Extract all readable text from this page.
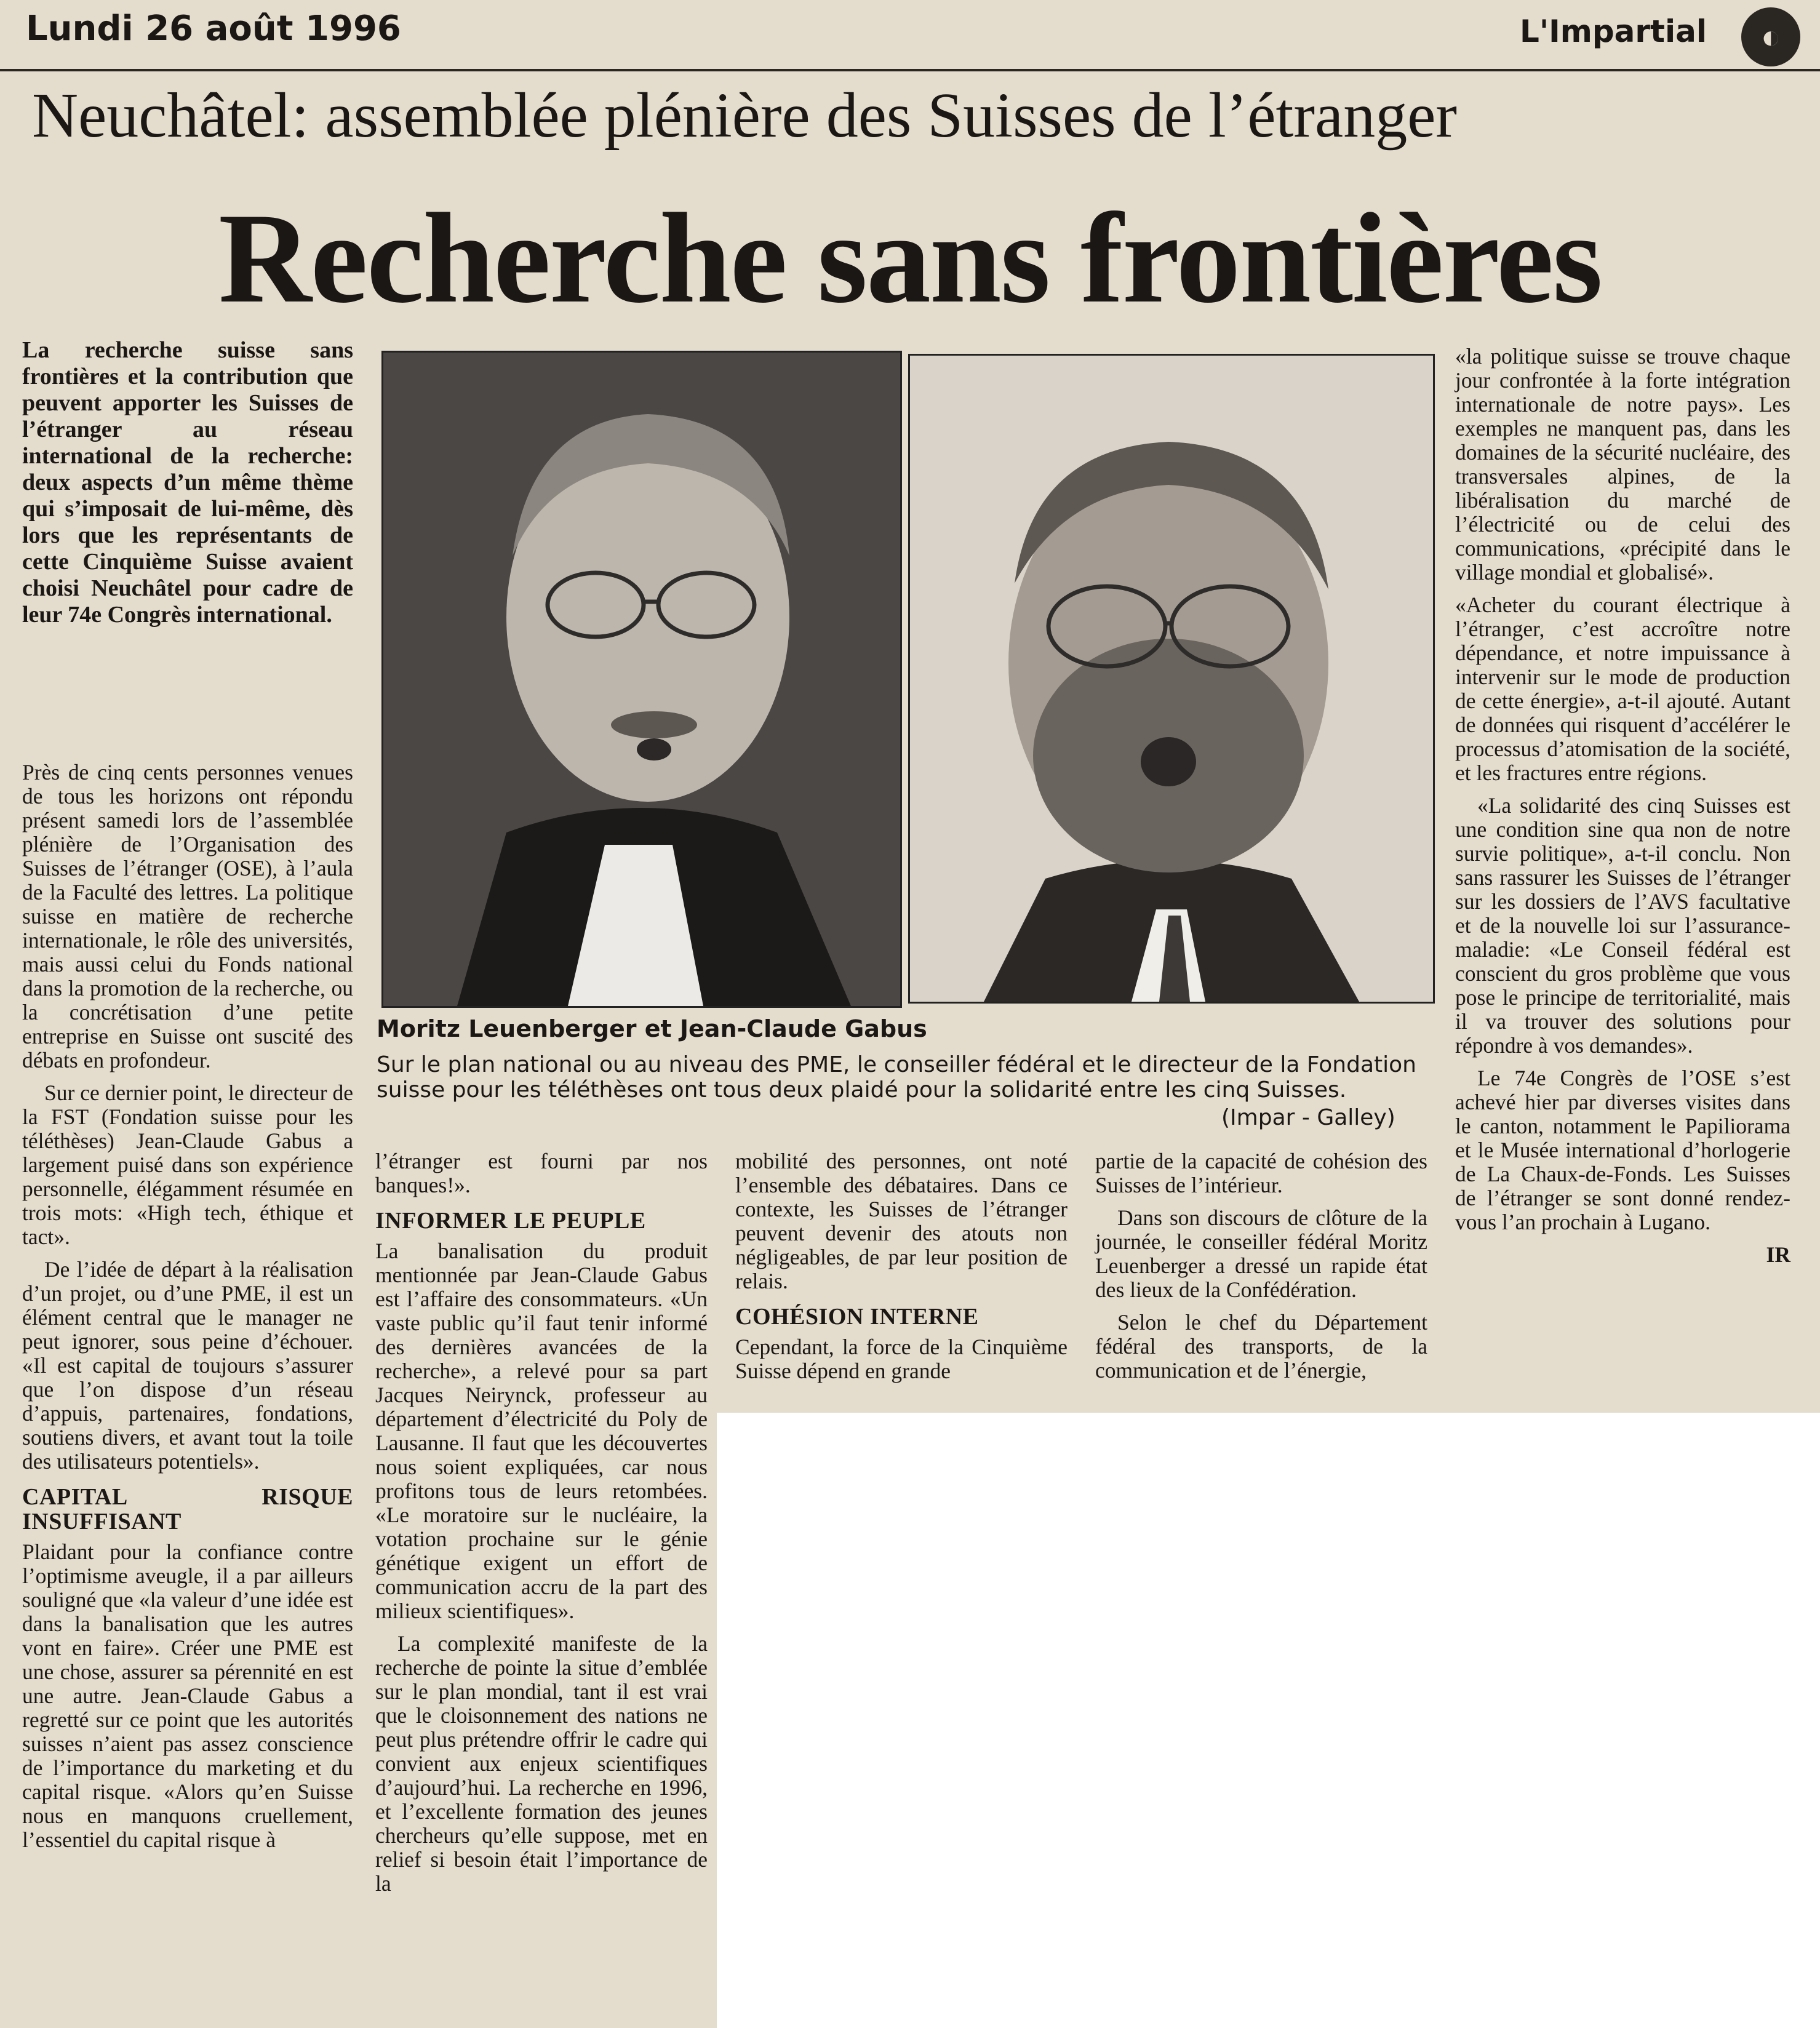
Lundi 26 août 1996	L'Impartial	◐
Neuchâtel: assemblée plénière des Suisses de l’étranger
Recherche sans frontières
La recherche suisse sans frontières et la contribution que peuvent apporter les Suisses de l’étranger au réseau international de la recherche: deux aspects d’un même thème qui s’imposait de lui-même, dès lors que les représentants de cette Cinquième Suisse avaient choisi Neuchâtel pour cadre de leur 74e Congrès international.

Près de cinq cents personnes venues de tous les horizons ont répondu présent samedi lors de l’assemblée plénière de l’Organisation des Suisses de l’étranger (OSE), à l’aula de la Faculté des lettres. La politique suisse en matière de recherche internationale, le rôle des universités, mais aussi celui du Fonds national dans la promotion de la recherche, ou la concrétisation d’une petite entreprise en Suisse ont suscité des débats en profondeur.

Sur ce dernier point, le directeur de la FST (Fondation suisse pour les téléthèses) Jean-Claude Gabus a largement puisé dans son expérience personnelle, élégamment résumée en trois mots: «High tech, éthique et tact».

De l’idée de départ à la réalisation d’un projet, ou d’une PME, il est un élément central que le manager ne peut ignorer, sous peine d’échouer. «Il est capital de toujours s’assurer que l’on dispose d’un réseau d’appuis, partenaires, fondations, soutiens divers, et avant tout la toile des utilisateurs potentiels».

CAPITAL RISQUE INSUFFISANT

Plaidant pour la confiance contre l’optimisme aveugle, il a par ailleurs souligné que «la valeur d’une idée est dans la banalisation que les autres vont en faire». Créer une PME est une chose, assurer sa pérennité en est une autre. Jean-Claude Gabus a regretté sur ce point que les autorités suisses n’aient pas assez conscience de l’importance du marketing et du capital risque. «Alors qu’en Suisse nous en manquons cruellement, l’essentiel du capital risque à

Moritz Leuenberger et Jean-Claude Gabus
Sur le plan national ou au niveau des PME, le conseiller fédéral et le directeur de la Fondation suisse pour les téléthèses ont tous deux plaidé pour la solidarité entre les cinq Suisses.
(Impar - Galley)

l’étranger est fourni par nos banques!».

INFORMER LE PEUPLE

La banalisation du produit mentionnée par Jean-Claude Gabus est l’affaire des consommateurs. «Un vaste public qu’il faut tenir informé des dernières avancées de la recherche», a relevé pour sa part Jacques Neirynck, professeur au département d’électricité du Poly de Lausanne. Il faut que les découvertes nous soient expliquées, car nous profitons tous de leurs retombées. «Le moratoire sur le nucléaire, la votation prochaine sur le génie génétique exigent un effort de communication accru de la part des milieux scientifiques».

La complexité manifeste de la recherche de pointe la situe d’emblée sur le plan mondial, tant il est vrai que le cloisonnement des nations ne peut plus prétendre offrir le cadre qui convient aux enjeux scientifiques d’aujourd’hui. La recherche en 1996, et l’excellente formation des jeunes chercheurs qu’elle suppose, met en relief si besoin était l’importance de la

mobilité des personnes, ont noté l’ensemble des débataires. Dans ce contexte, les Suisses de l’étranger peuvent devenir des atouts non négligeables, de par leur position de relais.

COHÉSION INTERNE

Cependant, la force de la Cinquième Suisse dépend en grande

partie de la capacité de cohésion des Suisses de l’intérieur.

Dans son discours de clôture de la journée, le conseiller fédéral Moritz Leuenberger a dressé un rapide état des lieux de la Confédération.

Selon le chef du Département fédéral des transports, de la communication et de l’énergie,

«la politique suisse se trouve chaque jour confrontée à la forte intégration internationale de notre pays». Les exemples ne manquent pas, dans les domaines de la sécurité nucléaire, des transversales alpines, de la libéralisation du marché de l’électricité ou de celui des communications, «précipité dans le village mondial et globalisé».

«Acheter du courant électrique à l’étranger, c’est accroître notre dépendance, et notre impuissance à intervenir sur le mode de production de cette énergie», a-t-il ajouté. Autant de données qui risquent d’accélérer le processus d’atomisation de la société, et les fractures entre régions.

«La solidarité des cinq Suisses est une condition sine qua non de notre survie politique», a-t-il conclu. Non sans rassurer les Suisses de l’étranger sur les dossiers de l’AVS facultative et de la nouvelle loi sur l’assurance-maladie: «Le Conseil fédéral est conscient du gros problème que vous pose le principe de territorialité, mais il va trouver des solutions pour répondre à vos demandes».

Le 74e Congrès de l’OSE s’est achevé hier par diverses visites dans le canton, notamment le Papiliorama et le Musée international d’horlogerie de La Chaux-de-Fonds. Les Suisses de l’étranger se sont donné rendez-vous l’an prochain à Lugano.

IR
